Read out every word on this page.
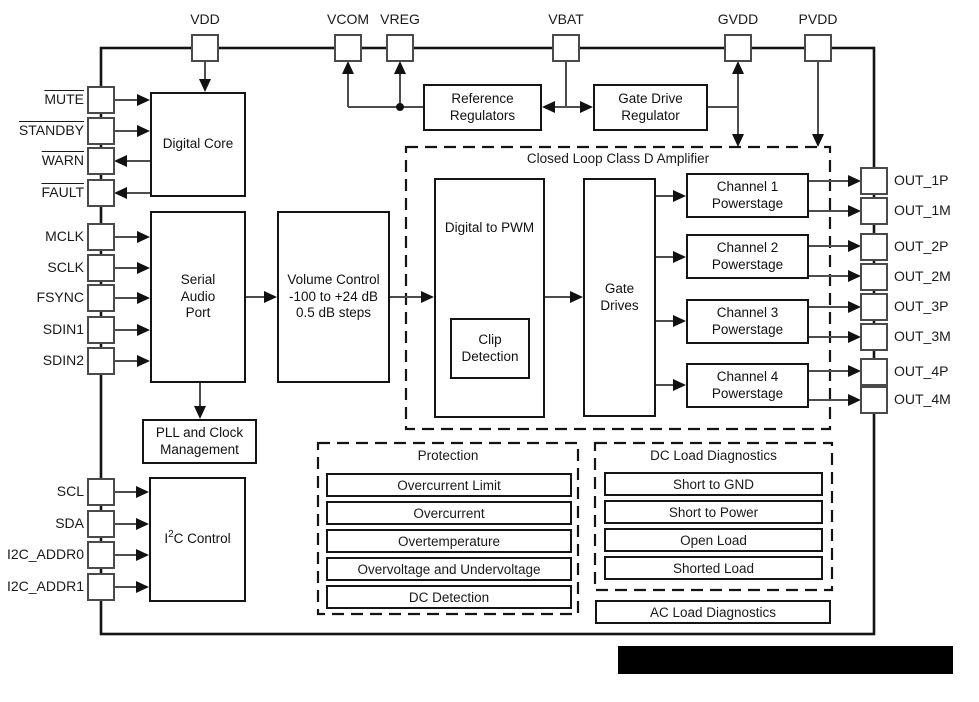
VDD	VCOM VREG	VBAT	GVDD	PVDD
MUTE
STANDBY
WARN
FAULT
MCLK
SCLK
FSYNC
SDIN1
SDIN2
SCL
SDA
I2C_ADDR0
I2C_ADDR1
OUT_1P
OUT_1M
OUT_2P
OUT_2M
OUT_3P
OUT_3M
OUT_4P
OUT_4M
Digital Core
Serial
Audio
Port
Volume Control
-100 to +24 dB
0.5 dB steps
PLL and Clock
Management
$I^2C$ Control
Reference
Regulators
Gate Drive
Regulator
Closed Loop Class D Amplifier
Digital to PWM
Clip
Detection
Gate
Drives
Channel 1
Powerstage
Channel 2
Powerstage
Channel 3
Powerstage
Channel 4
Powerstage
Protection
Overcurrent Limit
Overcurrent
Overtemperature
Overvoltage and Undervoltage
DC Detection
DC Load Diagnostics
Short to GND
Short to Power
Open Load
Shorted Load
AC Load Diagnostics
